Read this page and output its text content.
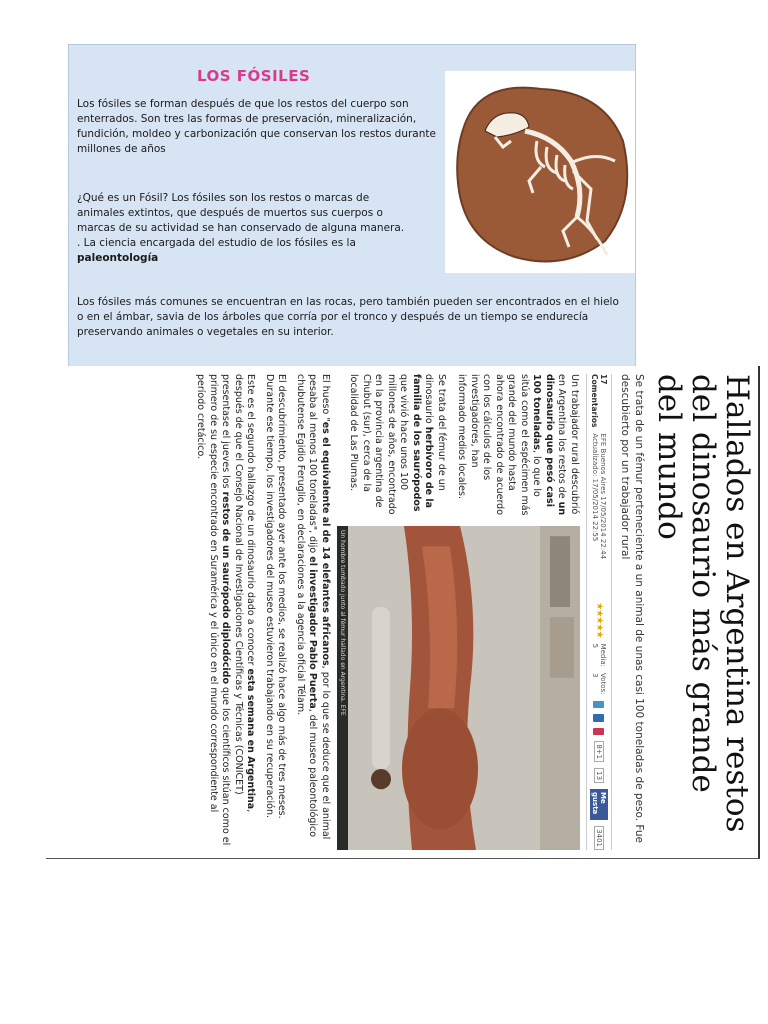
LOS FÓSILES

Los fósiles se forman después de que los restos del cuerpo son enterrados. Son tres las formas de preservación, mineralización, fundición, moldeo y carbonización que conservan los restos durante millones de años

¿Qué es un Fósil? Los fósiles son los restos o marcas de animales extintos, que después de muertos sus cuerpos o marcas de su actividad se han conservado de alguna manera. . La ciencia encargada del estudio de los fósiles es la paleontología

Los fósiles más comunes se encuentran en las rocas, pero también pueden ser encontrados en el hielo o en el ámbar, savia de los árboles que corría por el tronco y después de un tiempo se endurecía preservando animales o vegetales en su interior.

Hallados en Argentina restos del dinosaurio más grande del mundo

Se trata de un fémur perteneciente a un animal de unas casi 100 toneladas de peso. Fue descubierto por un trabajador rural

17 Comentarios
EFE Buenos Aires 17/05/2014 22:44 Actualizado: 17/05/2014 22:55
★★★★★
Media: 5
Votos: 3
8+1
13
Me gusta
3401

Un trabajador rural descubrió en Argentina los restos de un dinosaurio que pesó casi 100 toneladas, lo que lo sitúa como el espécimen más grande del mundo hasta ahora encontrado de acuerdo con los cálculos de los investigadores, han informado medios locales.

Se trata del fémur de un dinosaurio herbívoro de la familia de los saurópodos que vivió hace unos 100 millones de años, encontrado en la provincia argentina de Chubut (sur), cerca de la localidad de Las Plumas.

Un hombre tumbado junto al fémur hallado en Argentina. EFE

El hueso "es el equivalente al de 14 elefantes africanos, por lo que se deduce que el animal pesaba al menos 100 toneladas", dijo el investigador Pablo Puerta, del museo paleontológico chubutense Egidio Feruglio, en declaraciones a la agencia oficial Télam.

El descubrimiento, presentado ayer ante los medios, se realizó hace algo más de tres meses. Durante ese tiempo, los investigadores del museo estuvieron trabajando en su recuperación.

Este es el segundo hallazgo de un dinosaurio dado a conocer esta semana en Argentina, después de que el Consejo Nacional de Investigaciones Científicas y Técnicas (CONICET) presentase el jueves los restos de un saurópodo diplodócido que los científicos sitúan como el primero de su especie encontrado en Suramérica y el único en el mundo correspondiente al período cretácico.
